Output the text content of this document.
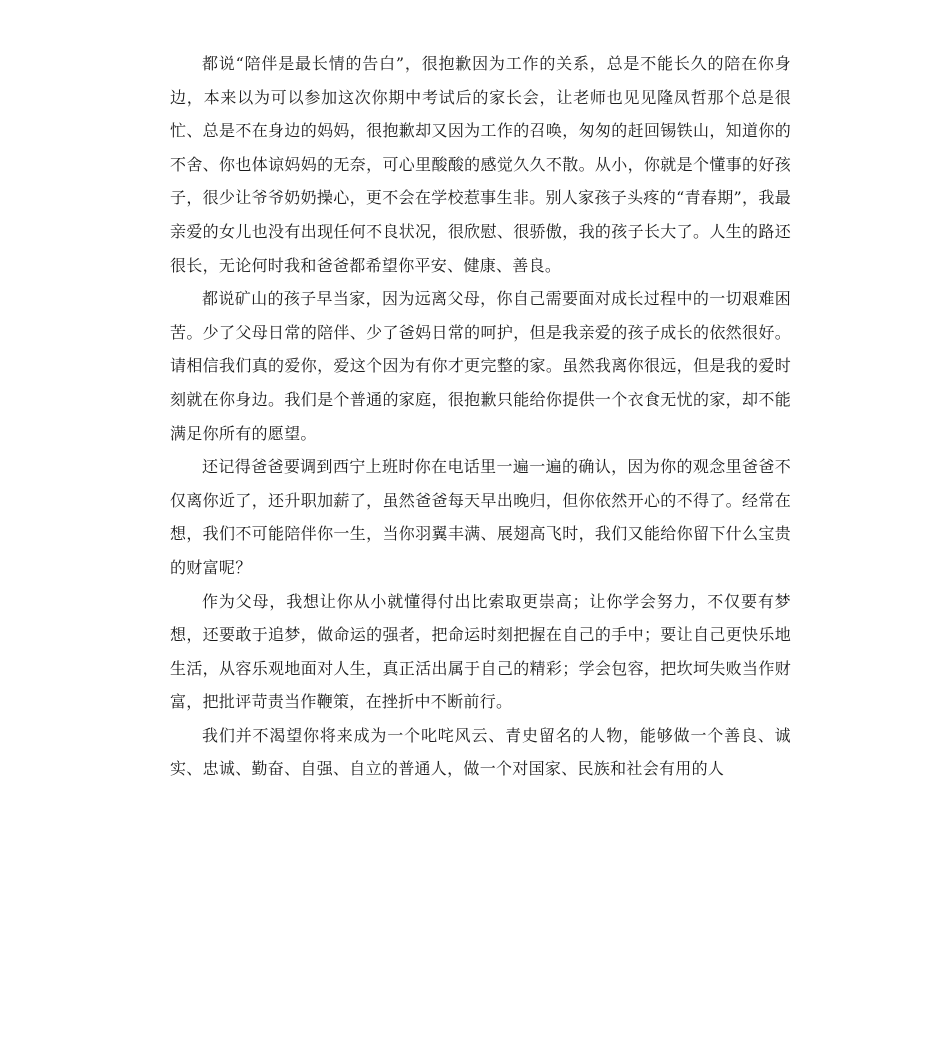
都说“陪伴是最长情的告白”，很抱歉因为工作的关系，总是不能长久的陪在你身边，本来以为可以参加这次你期中考试后的家长会，让老师也见见隆凤哲那个总是很忙、总是不在身边的妈妈，很抱歉却又因为工作的召唤，匆匆的赶回锡铁山，知道你的不舍、你也体谅妈妈的无奈，可心里酸酸的感觉久久不散。从小，你就是个懂事的好孩子，很少让爷爷奶奶操心，更不会在学校惹事生非。别人家孩子头疼的“青春期”，我最亲爱的女儿也没有出现任何不良状况，很欣慰、很骄傲，我的孩子长大了。人生的路还很长，无论何时我和爸爸都希望你平安、健康、善良。

都说矿山的孩子早当家，因为远离父母，你自己需要面对成长过程中的一切艰难困苦。少了父母日常的陪伴、少了爸妈日常的呵护，但是我亲爱的孩子成长的依然很好。请相信我们真的爱你，爱这个因为有你才更完整的家。虽然我离你很远，但是我的爱时刻就在你身边。我们是个普通的家庭，很抱歉只能给你提供一个衣食无忧的家，却不能满足你所有的愿望。

还记得爸爸要调到西宁上班时你在电话里一遍一遍的确认，因为你的观念里爸爸不仅离你近了，还升职加薪了，虽然爸爸每天早出晚归，但你依然开心的不得了。经常在想，我们不可能陪伴你一生，当你羽翼丰满、展翅高飞时，我们又能给你留下什么宝贵的财富呢？

作为父母，我想让你从小就懂得付出比索取更崇高；让你学会努力，不仅要有梦想，还要敢于追梦，做命运的强者，把命运时刻把握在自己的手中；要让自己更快乐地生活，从容乐观地面对人生，真正活出属于自己的精彩；学会包容，把坎坷失败当作财富，把批评苛责当作鞭策，在挫折中不断前行。

我们并不渴望你将来成为一个叱咤风云、青史留名的人物，能够做一个善良、诚实、忠诚、勤奋、自强、自立的普通人，做一个对国家、民族和社会有用的人
